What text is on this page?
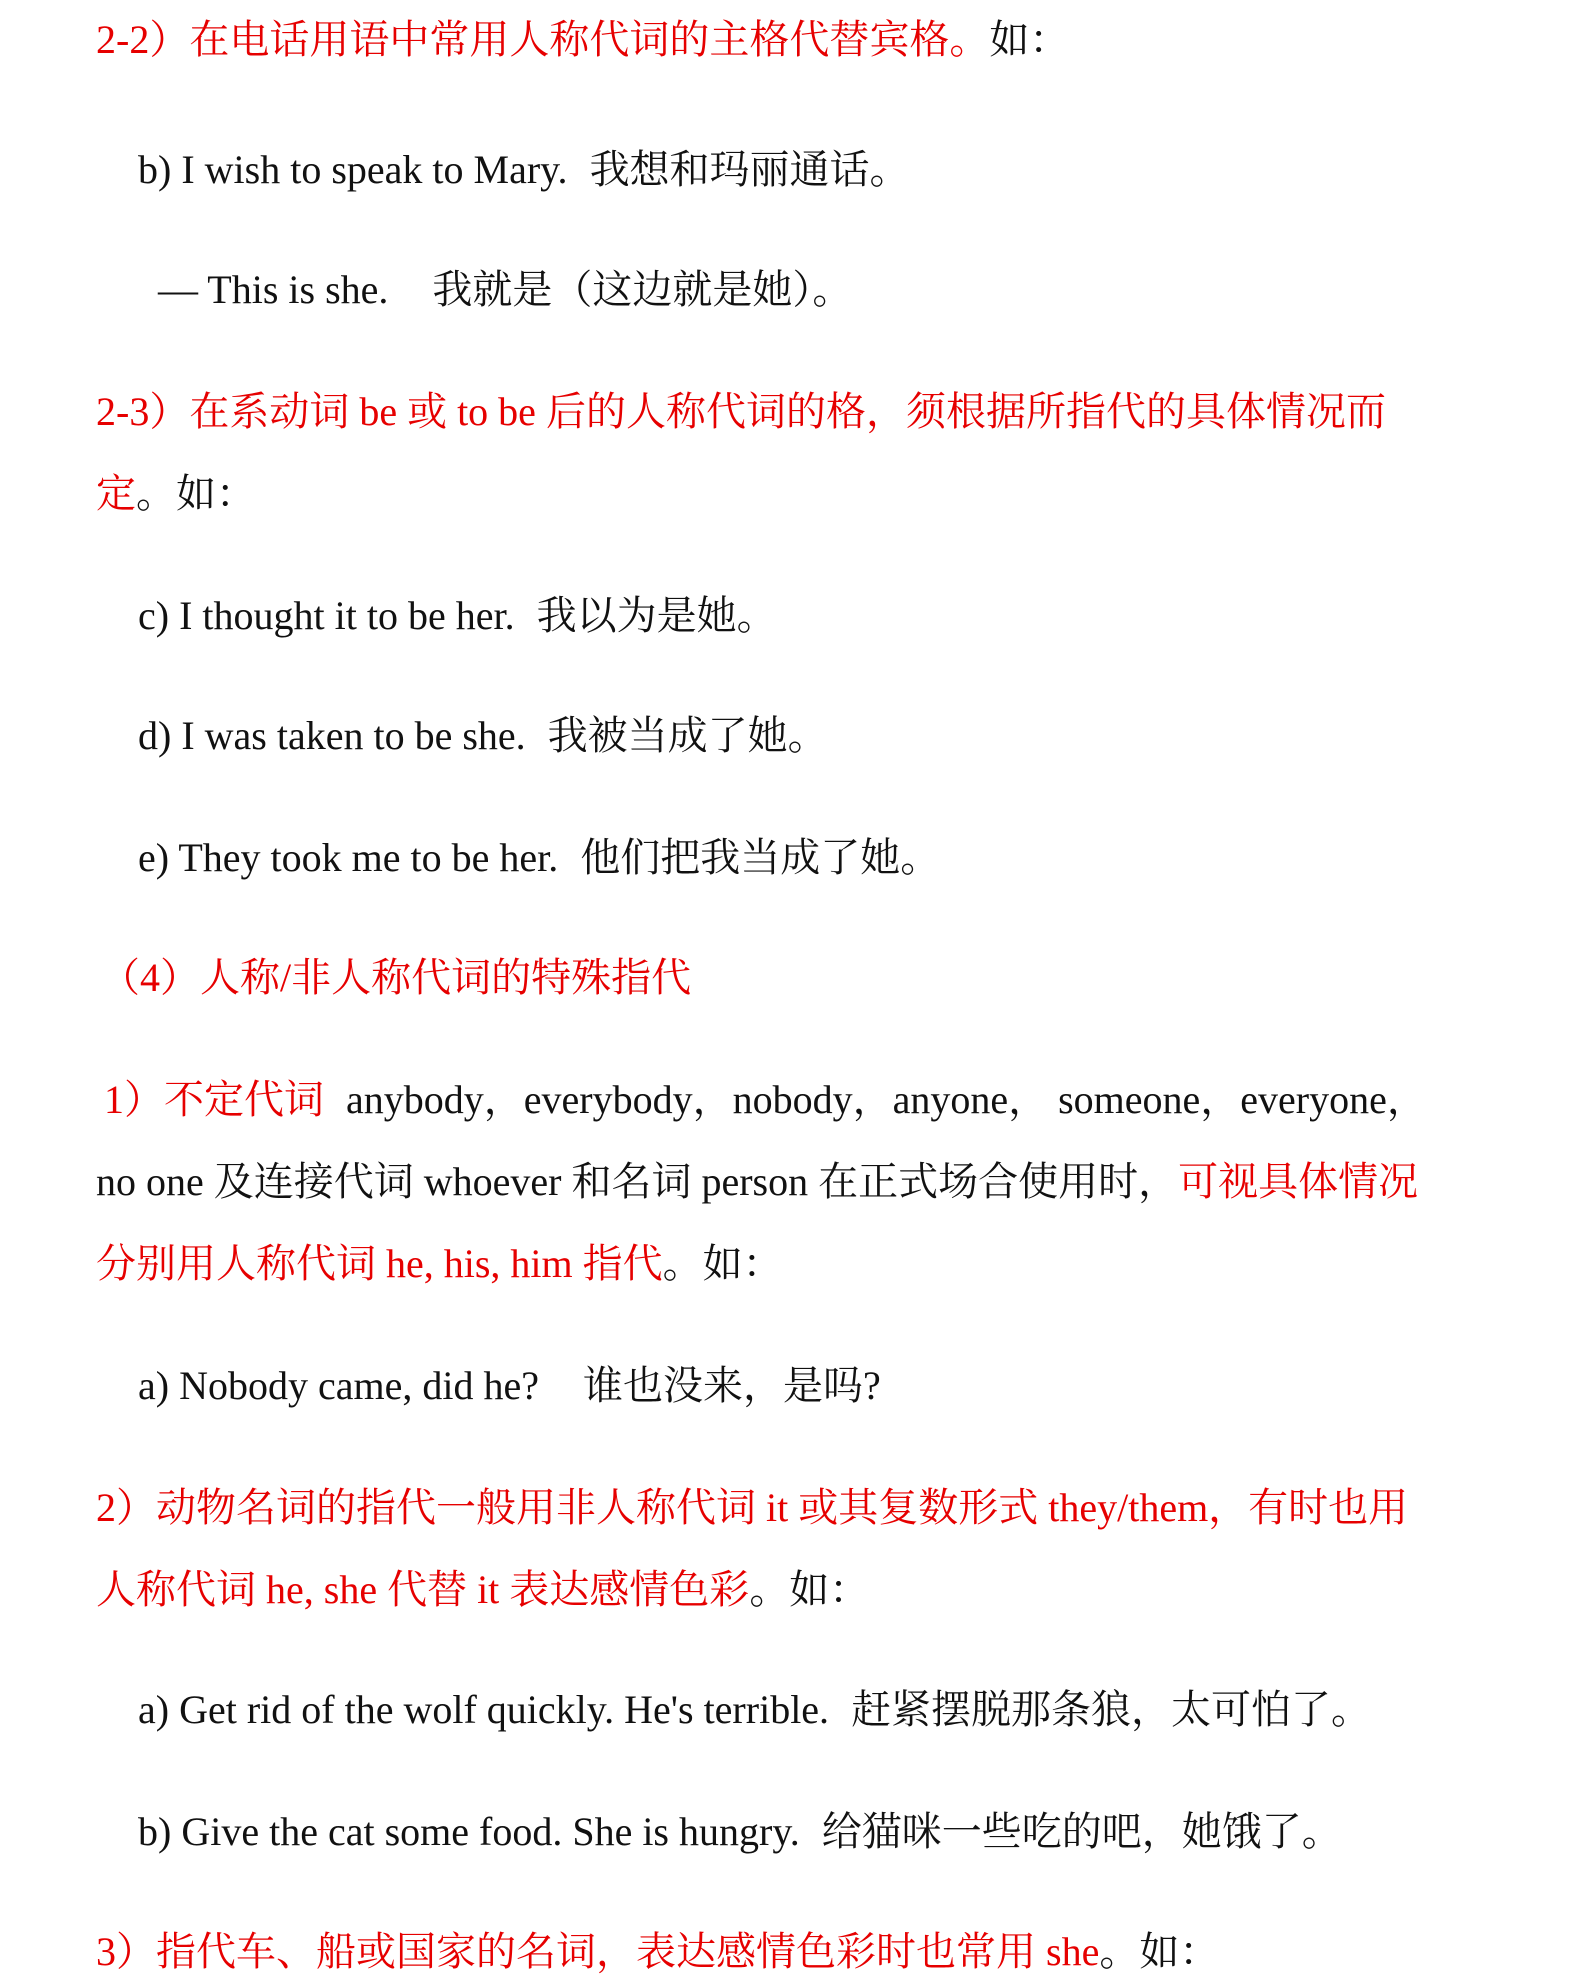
2-2）在电话用语中常用人称代词的主格代替宾格。如：
b) I wish to speak to Mary. 我想和玛丽通话。
— This is she. 我就是（这边就是她）。
2-3）在系动词 be 或 to be 后的人称代词的格，须根据所指代的具体情况而
定。如：
c) I thought it to be her. 我以为是她。
d) I was taken to be she. 我被当成了她。
e) They took me to be her. 他们把我当成了她。
（4）人称/非人称代词的特殊指代
1）不定代词 anybody，everybody，nobody，anyone， someone，everyone，
no one 及连接代词 whoever 和名词 person 在正式场合使用时，可视具体情况
分别用人称代词 he, his, him 指代。如：
a) Nobody came, did he? 谁也没来，是吗?
2）动物名词的指代一般用非人称代词 it 或其复数形式 they/them，有时也用
人称代词 he, she 代替 it 表达感情色彩。如：
a) Get rid of the wolf quickly. He's terrible. 赶紧摆脱那条狼，太可怕了。
b) Give the cat some food. She is hungry. 给猫咪一些吃的吧，她饿了。
3）指代车、船或国家的名词，表达感情色彩时也常用 she。如：
